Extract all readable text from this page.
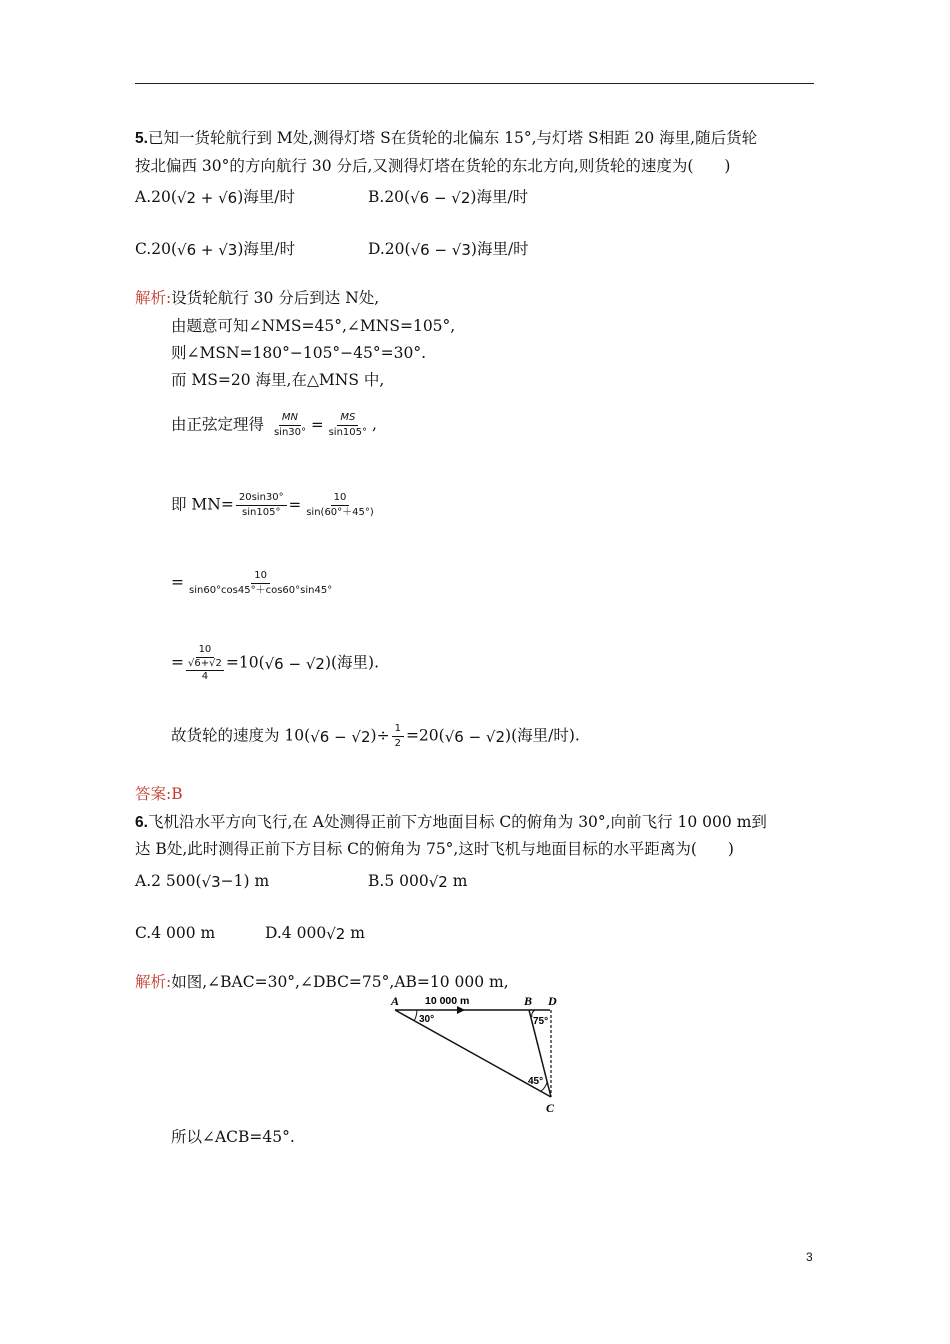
5.已知一货轮航行到 M处,测得灯塔 S在货轮的北偏东 15°,与灯塔 S相距 20 海里,随后货轮
按北偏西 30°的方向航行 30 分后,又测得灯塔在货轮的东北方向,则货轮的速度为(　　)
A.20(√2 + √6)海里/时	B.20(√6 − √2)海里/时
C.20(√6 + √3)海里/时	D.20(√6 − √3)海里/时
解析:设货轮航行 30 分后到达 N处,
由题意可知∠NMS=45°,∠MNS=105°,
则∠MSN=180°−105°−45°=30°.
而 MS=20 海里,在△MNS 中,
由正弦定理得 $\frac{MN}{\sin 30^\circ} = \frac{MS}{\sin 105^\circ}$ ,
即 $MN= \frac{20\sin 30^\circ}{\sin 105^\circ} = \frac{10}{\sin(60^\circ+45^\circ)}$
= $\frac{10}{\sin 60^\circ\cos 45^\circ+\cos 60^\circ\sin 45^\circ}$
= $\frac{10}{\frac{√6+√2}{4}} =10(√6 - √2)$(海里).
故货轮的速度为 $10(√6 - √2)\div \frac{1}{2} =20(√6 - √2)$(海里/时).
答案:B
6.飞机沿水平方向飞行,在 A处测得正前下方地面目标 C的俯角为 30°,向前飞行 10 000 m到
达 B处,此时测得正前下方目标 C的俯角为 75°,这时飞机与地面目标的水平距离为(　　)
A.2 500(√3−1) m	B.5 000√2 m
C.4 000 m	D.4 000√2 m
解析:如图,∠BAC=30°,∠DBC=75°,AB=10 000 m,
A	B D
C
10 000 m
30°	75°
45°
所以∠ACB=45°.
3
